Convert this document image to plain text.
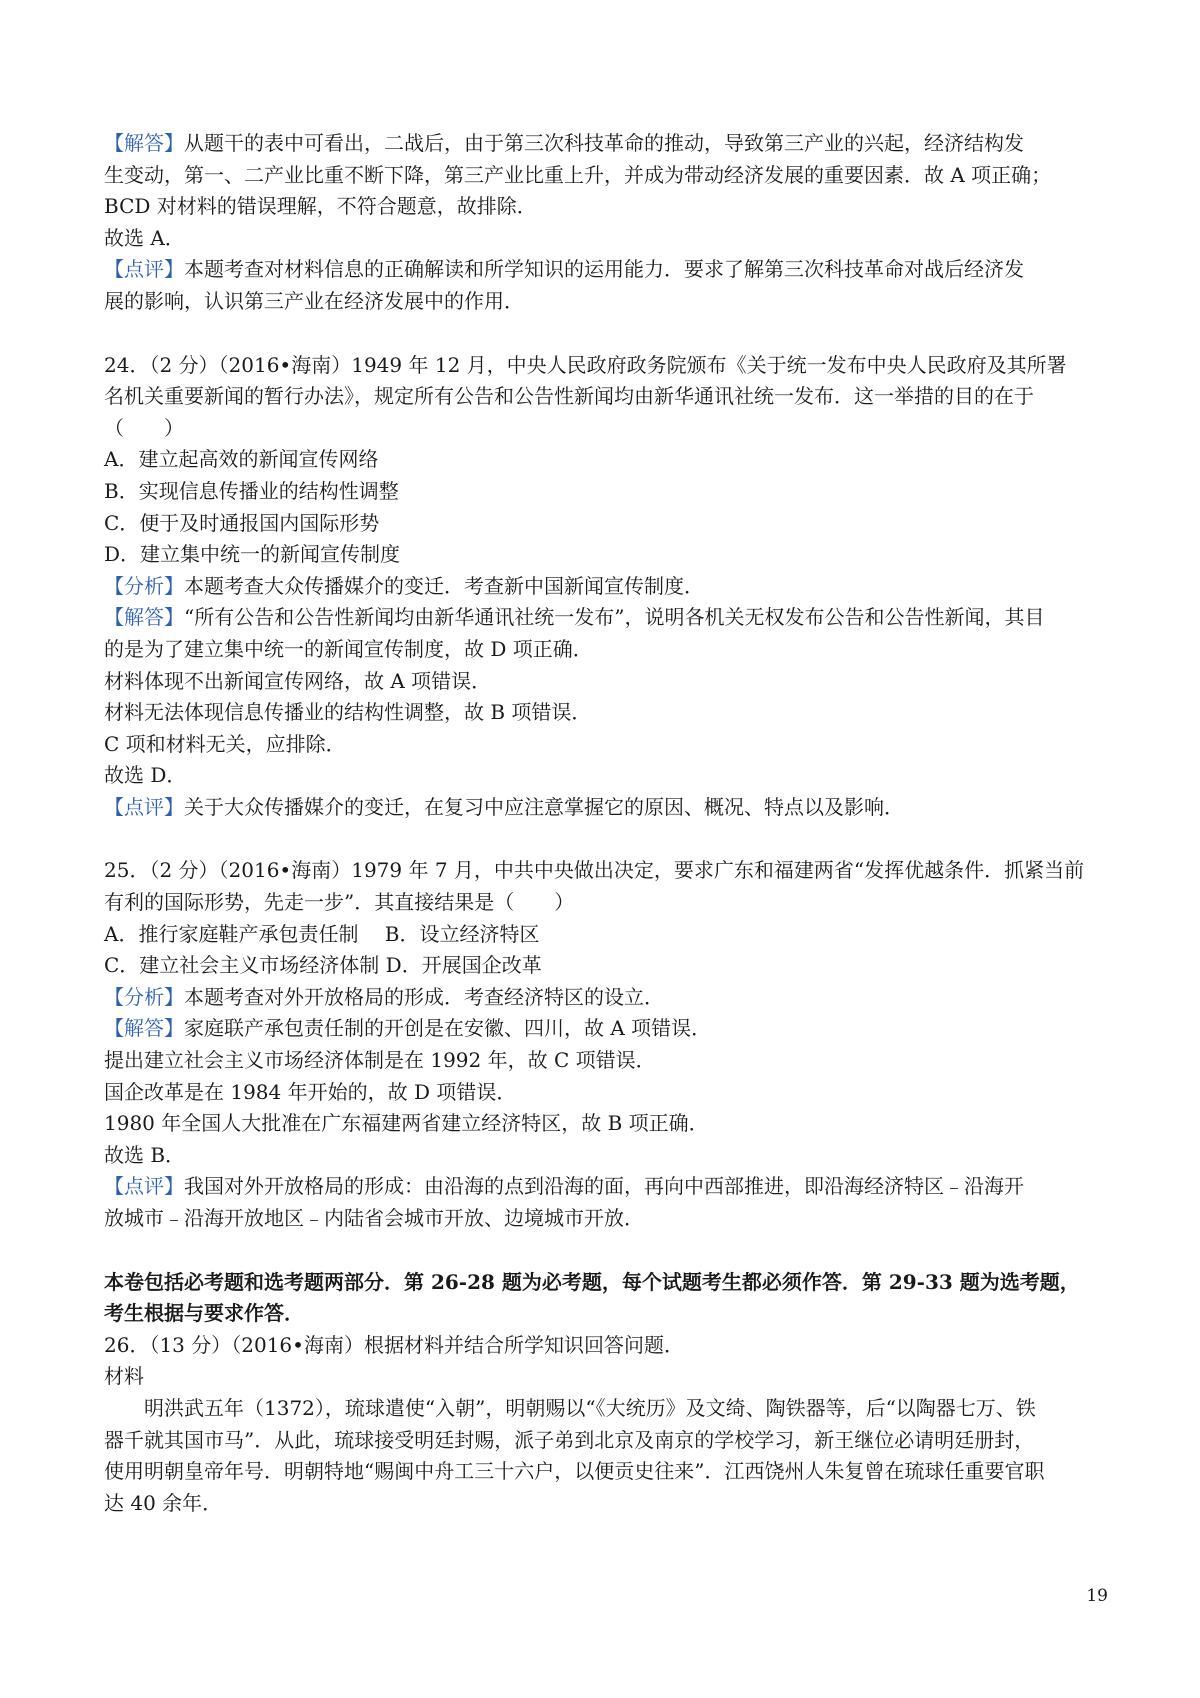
【解答】从题干的表中可看出，二战后，由于第三次科技革命的推动，导致第三产业的兴起，经济结构发

生变动，第一、二产业比重不断下降，第三产业比重上升，并成为带动经济发展的重要因素．故 A 项正确；

BCD 对材料的错误理解，不符合题意，故排除．

故选 A．

【点评】本题考查对材料信息的正确解读和所学知识的运用能力．要求了解第三次科技革命对战后经济发

展的影响，认识第三产业在经济发展中的作用．

24．（2 分）（2016•海南）1949 年 12 月，中央人民政府政务院颁布《关于统一发布中央人民政府及其所署

名机关重要新闻的暂行办法》，规定所有公告和公告性新闻均由新华通讯社统一发布．这一举措的目的在于

（　　）

A．建立起高效的新闻宣传网络

B．实现信息传播业的结构性调整

C．便于及时通报国内国际形势

D．建立集中统一的新闻宣传制度

【分析】本题考查大众传播媒介的变迁．考查新中国新闻宣传制度．

【解答】“所有公告和公告性新闻均由新华通讯社统一发布”，说明各机关无权发布公告和公告性新闻，其目

的是为了建立集中统一的新闻宣传制度，故 D 项正确．

材料体现不出新闻宣传网络，故 A 项错误．

材料无法体现信息传播业的结构性调整，故 B 项错误．

C 项和材料无关，应排除．

故选 D．

【点评】关于大众传播媒介的变迁，在复习中应注意掌握它的原因、概况、特点以及影响．

25．（2 分）（2016•海南）1979 年 7 月，中共中央做出决定，要求广东和福建两省“发挥优越条件．抓紧当前

有利的国际形势，先走一步”．其直接结果是（　　）

A．推行家庭鞋产承包责任制　 B．设立经济特区

C．建立社会主义市场经济体制 D．开展国企改革

【分析】本题考查对外开放格局的形成．考查经济特区的设立．

【解答】家庭联产承包责任制的开创是在安徽、四川，故 A 项错误．

提出建立社会主义市场经济体制是在 1992 年，故 C 项错误．

国企改革是在 1984 年开始的，故 D 项错误．

1980 年全国人大批准在广东福建两省建立经济特区，故 B 项正确．

故选 B．

【点评】我国对外开放格局的形成：由沿海的点到沿海的面，再向中西部推进，即沿海经济特区﹣沿海开

放城市﹣沿海开放地区﹣内陆省会城市开放、边境城市开放．

本卷包括必考题和选考题两部分．第 26-28 题为必考题，每个试题考生都必须作答．第 29-33 题为选考题，

考生根据与要求作答．

26．（13 分）（2016•海南）根据材料并结合所学知识回答问题．

材料

明洪武五年（1372），琉球遣使“入朝”，明朝赐以“《大统历》及文绮、陶铁器等，后“以陶器七万、铁

器千就其国市马”．从此，琉球接受明廷封赐，派子弟到北京及南京的学校学习，新王继位必请明廷册封，

使用明朝皇帝年号．明朝特地“赐闽中舟工三十六户，以便贡史往来”．江西饶州人朱复曾在琉球任重要官职

达 40 余年．

19
